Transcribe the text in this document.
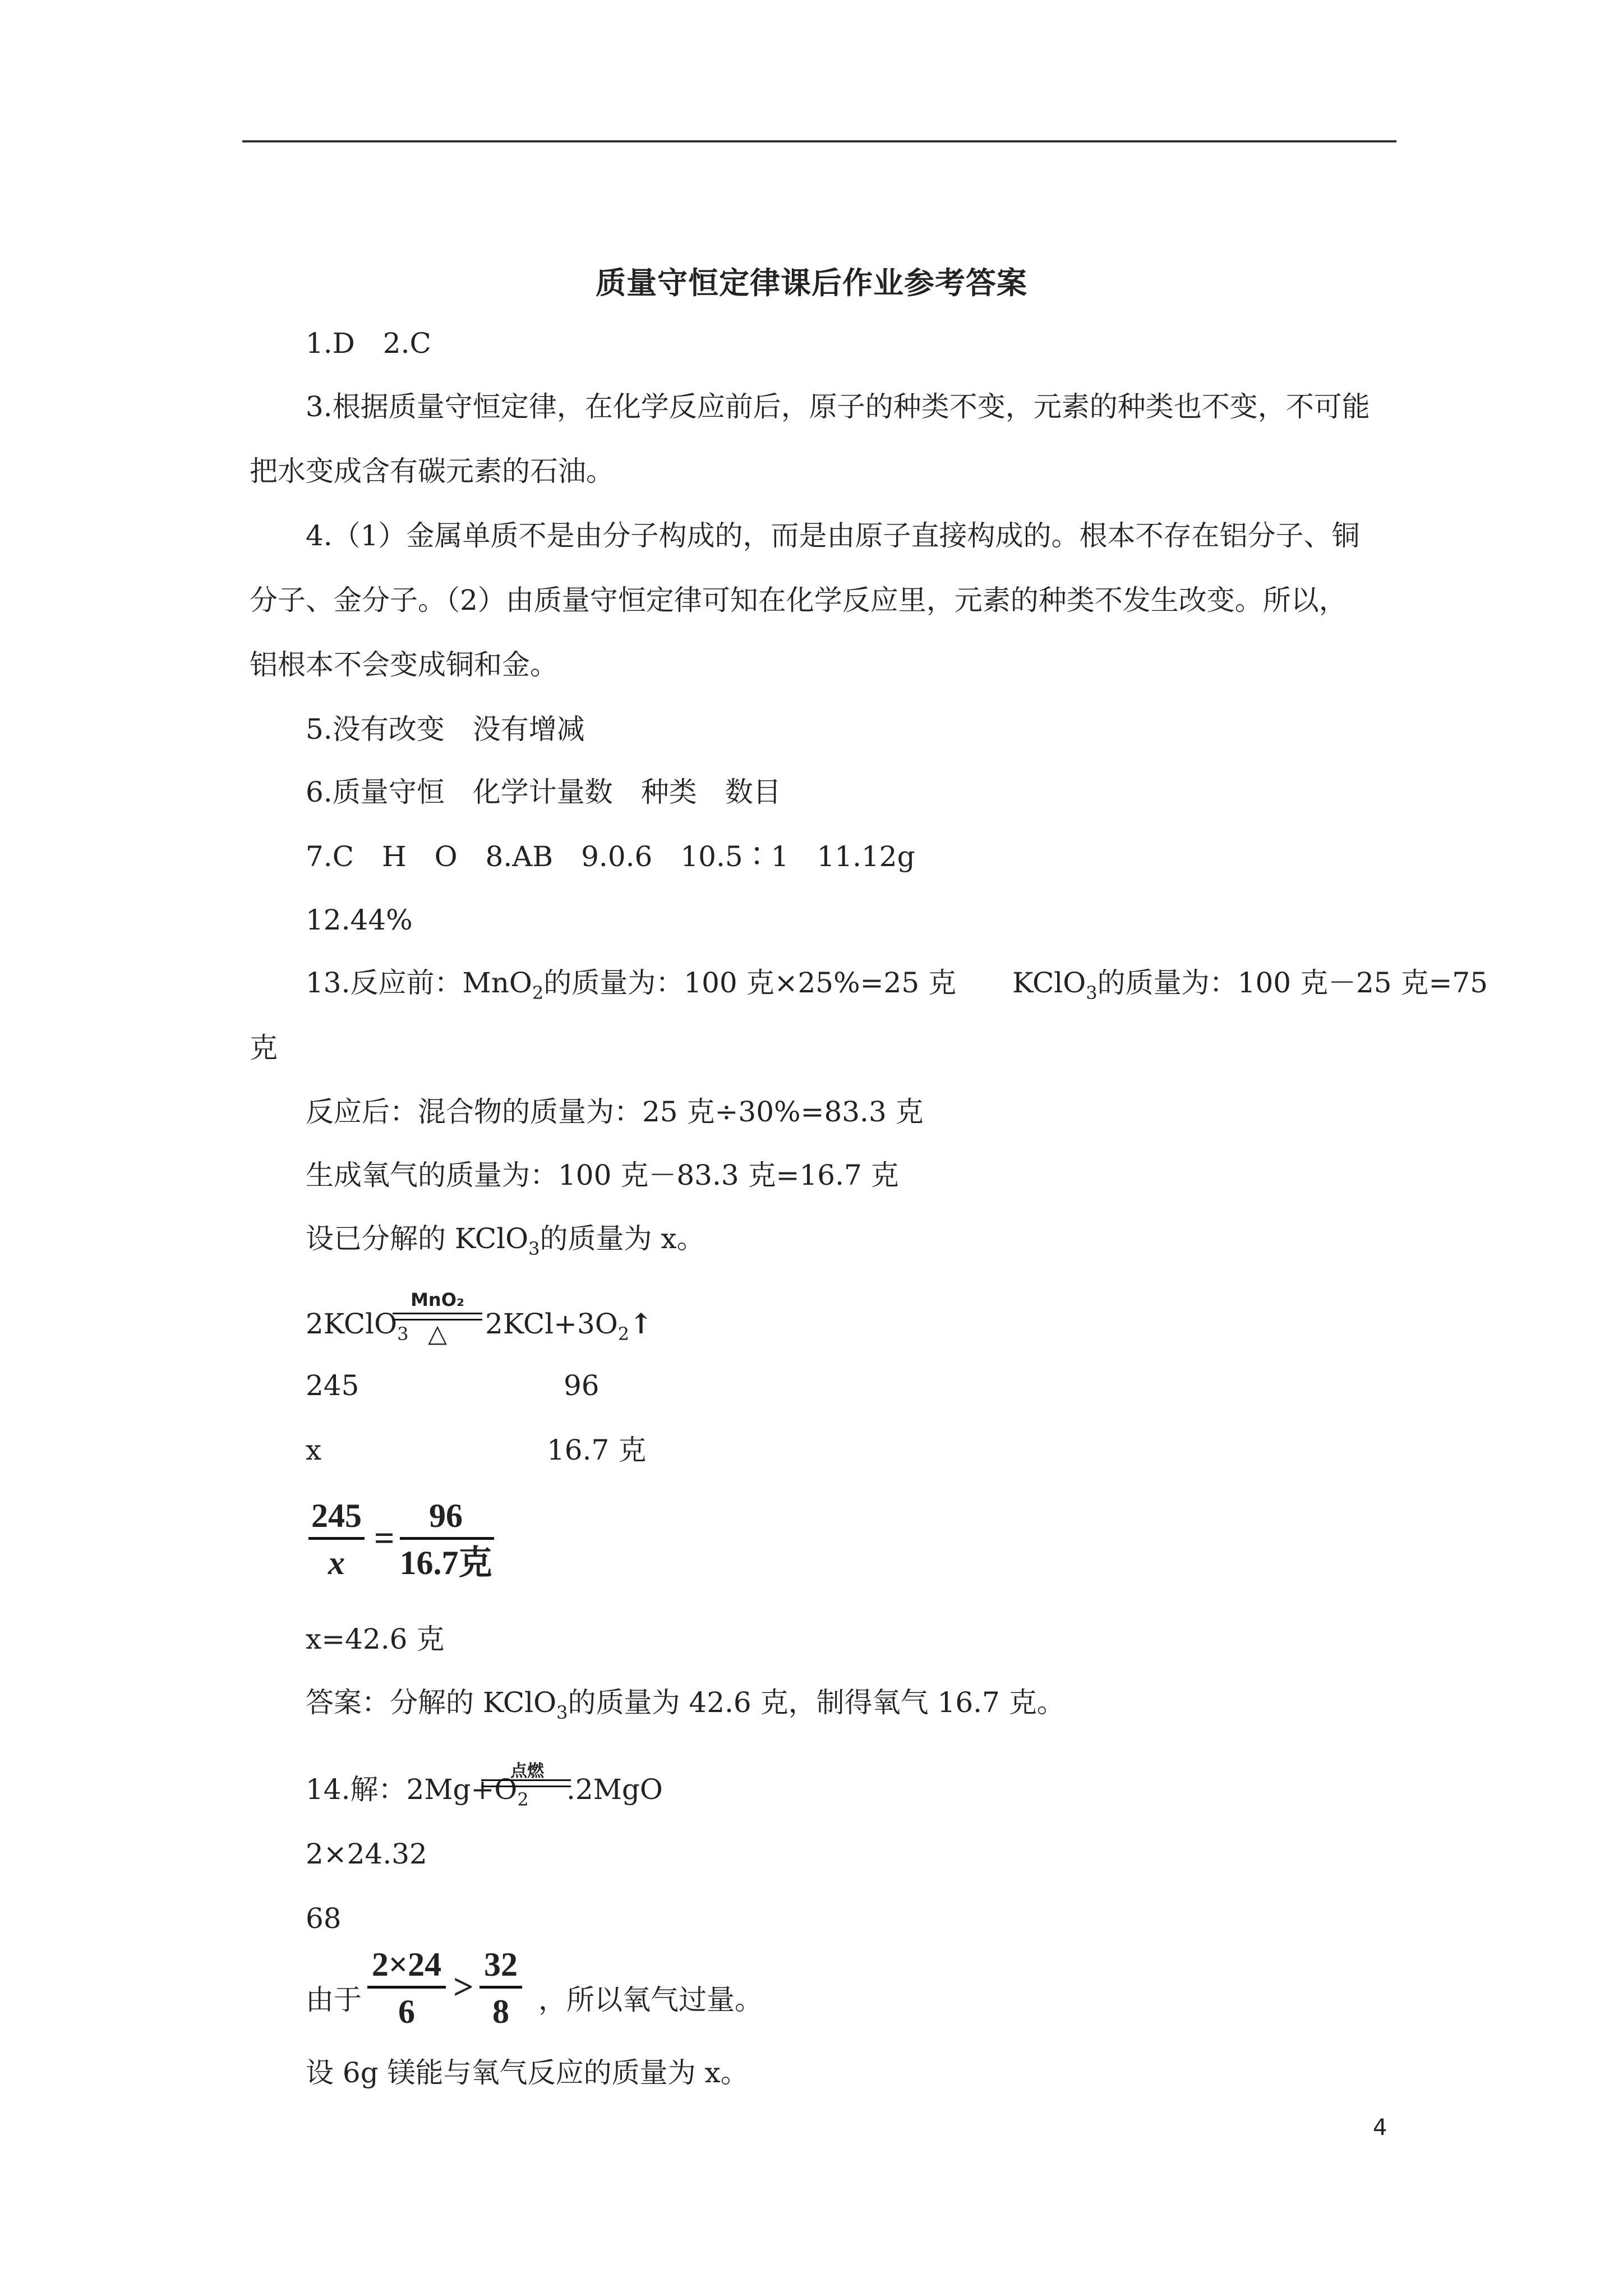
质量守恒定律课后作业参考答案
1.D　2.C
3.根据质量守恒定律，在化学反应前后，原子的种类不变，元素的种类也不变，不可能
把水变成含有碳元素的石油。
4.（1）金属单质不是由分子构成的，而是由原子直接构成的。根本不存在铝分子、铜
分子、金分子。（2）由质量守恒定律可知在化学反应里，元素的种类不发生改变。所以，
铝根本不会变成铜和金。
5.没有改变　没有增减
6.质量守恒　化学计量数　种类　数目
7.C　H　O　8.AB　9.0.6　10.5∶1　11.12g
12.44%
13.反应前：MnO$_2$的质量为：100 克×25%=25 克　　KClO$_3$的质量为：100 克－25 克=75
克
反应后：混合物的质量为：25 克÷30%=83.3 克
生成氧气的质量为：100 克－83.3 克=16.7 克
设已分解的 KClO$_3$的质量为 x。
2KClO$_3$
MnO₂
△	$2KCl+3O_2↑$
245	96
x	16.7 克
245
x
=
96
16.7克
x=42.6 克
答案：分解的 KClO$_3$的质量为 42.6 克，制得氧气 16.7 克。
14.解：$2Mg+O_2$
点燃
.2MgO
2×24.32
68
由于
2×24
6
>
32
8	，所以氧气过量。
设 6g 镁能与氧气反应的质量为 x。
4
